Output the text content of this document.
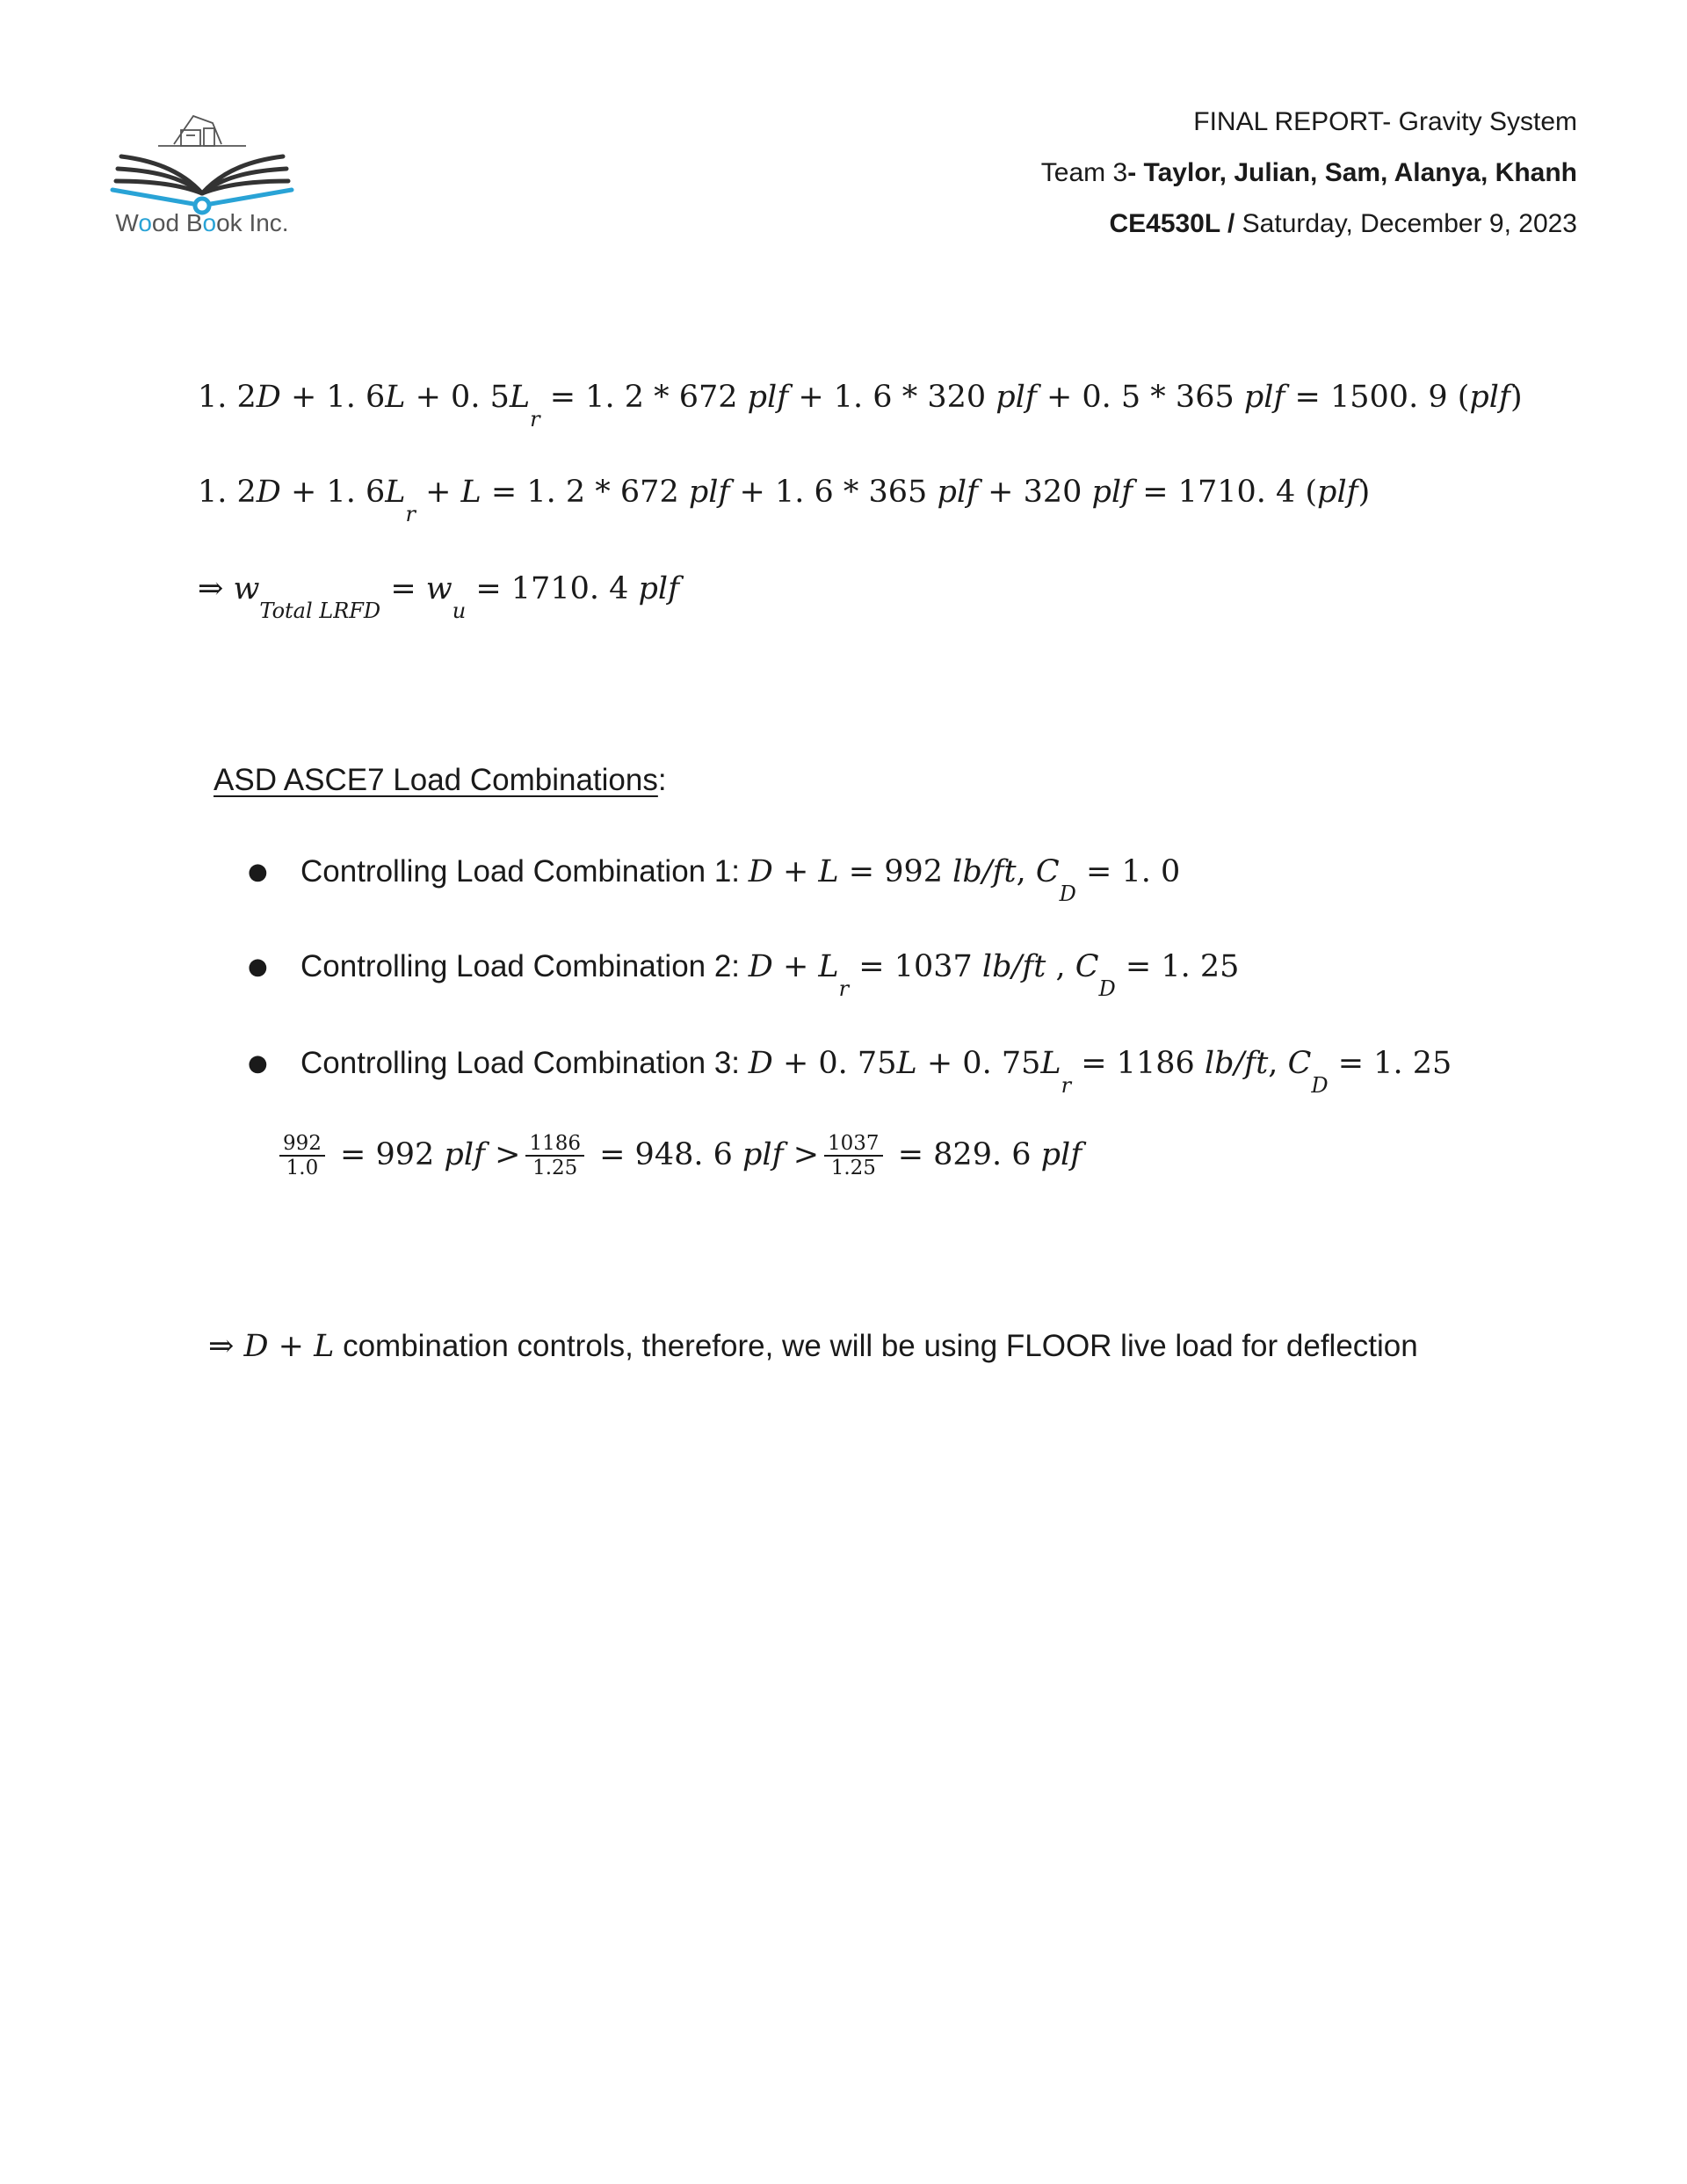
Wood Book Inc.
FINAL REPORT- Gravity System
Team 3- Taylor, Julian, Sam, Alanya, Khanh
CE4530L / Saturday, December 9, 2023
1. 2D + 1. 6L + 0. $5L_r = 1$. 2 * 672 plf + 1. 6 * 320 plf + 0. 5 * 365 plf = 1500. 9 (plf)
1. 2D + 1. $6L_r + L = 1$. 2 * 672 plf + 1. 6 * 365 plf + 320 plf = 1710. 4 (plf)
⇒ $w_{Total LRFD} = w_u = 1710$. 4 plf
ASD ASCE7 Load Combinations:
● Controlling Load Combination 1: D + L = 992 lb/ft, $C_D = 1$. 0
● Controlling Load Combination 2: $D + L_r = 1037$ lb/ft , $C_D = 1$. 25
● Controlling Load Combination 3: D + 0. 75L + 0. $75L_r = 1186$ lb/ft, $C_D = 1$. 25
$\frac{992}{1.0} = 992$ plf > $\frac{1186}{1.25} = 948$. 6 plf > $\frac{1037}{1.25} = 829$. 6 plf
⇒ D + L combination controls, therefore, we will be using FLOOR live load for deflection
